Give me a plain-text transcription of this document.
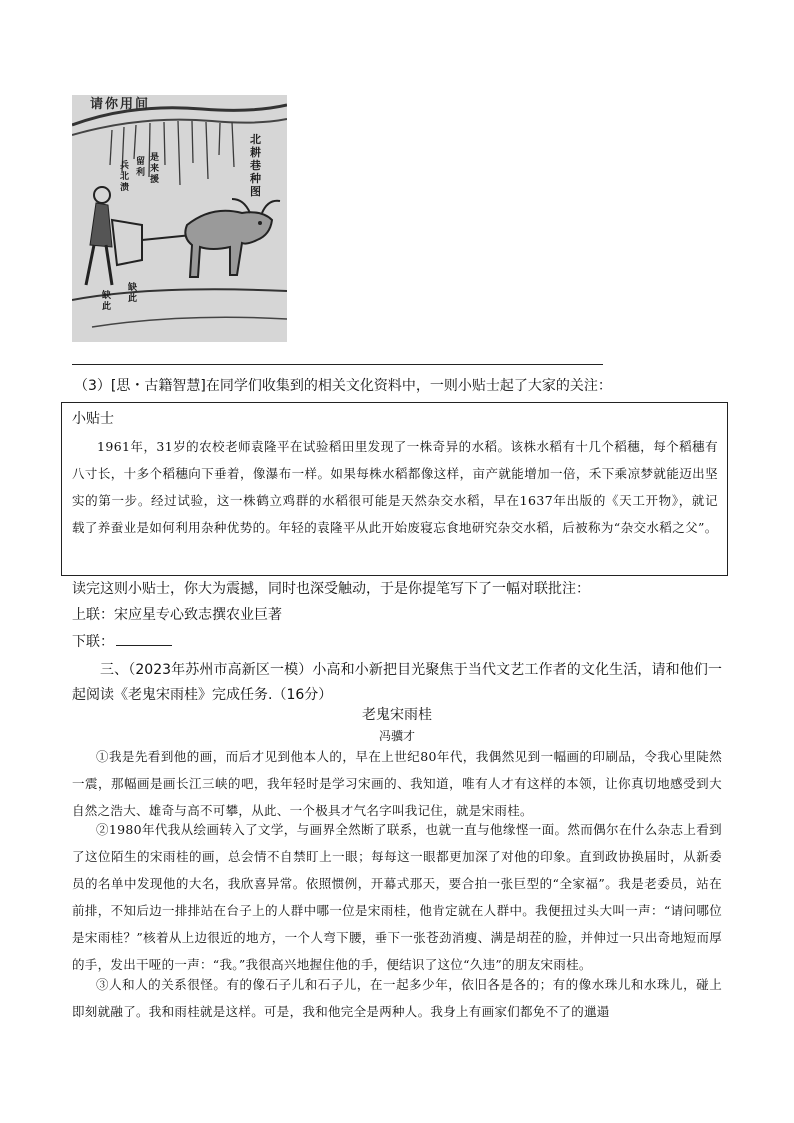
请你用间
北耕巷种图
是来援
留利
兵北溃
缺此
缺此
（3）[思・古籍智慧]在同学们收集到的相关文化资料中，一则小贴士起了大家的关注：
小贴士
1961年，31岁的农校老师袁隆平在试验稻田里发现了一株奇异的水稻。该株水稻有十几个稻穗，每个稻穗有八寸长，十多个稻穗向下垂着，像瀑布一样。如果每株水稻都像这样，亩产就能增加一倍，禾下乘凉梦就能迈出坚实的第一步。经过试验，这一株鹤立鸡群的水稻很可能是天然杂交水稻，早在1637年出版的《天工开物》，就记载了养蚕业是如何利用杂种优势的。年轻的袁隆平从此开始废寝忘食地研究杂交水稻，后被称为“杂交水稻之父”。
读完这则小贴士，你大为震撼，同时也深受触动，于是你提笔写下了一幅对联批注：
上联：宋应星专心致志撰农业巨著
下联：
三、（2023年苏州市高新区一模）小高和小新把目光聚焦于当代文艺工作者的文化生活，请和他们一起阅读《老鬼宋雨桂》完成任务.（16分）
老鬼宋雨桂
冯骥才
①我是先看到他的画，而后才见到他本人的，早在上世纪80年代，我偶然见到一幅画的印刷品，令我心里陡然一震，那幅画是画长江三峡的吧，我年轻时是学习宋画的、我知道，唯有人才有这样的本领，让你真切地感受到大自然之浩大、雄奇与高不可攀，从此、一个极具才气名字叫我记住，就是宋雨桂。
②1980年代我从绘画转入了文学，与画界全然断了联系，也就一直与他缘悭一面。然而偶尔在什么杂志上看到了这位陌生的宋雨桂的画，总会情不自禁盯上一眼；每每这一眼都更加深了对他的印象。直到政协换届时，从新委员的名单中发现他的大名，我欣喜异常。依照惯例，开幕式那天，要合拍一张巨型的“全家福”。我是老委员，站在前排，不知后边一排排站在台子上的人群中哪一位是宋雨桂，他肯定就在人群中。我便扭过头大叫一声：“请问哪位是宋雨桂？”核着从上边很近的地方，一个人弯下腰，垂下一张苍劲消瘦、满是胡茬的脸，并伸过一只出奇地短而厚的手，发出干哑的一声：“我。”我很高兴地握住他的手，便结识了这位“久违”的朋友宋雨桂。
③人和人的关系很怪。有的像石子儿和石子儿，在一起多少年，依旧各是各的；有的像水珠儿和水珠儿，碰上即刻就融了。我和雨桂就是这样。可是，我和他完全是两种人。我身上有画家们都免不了的邋遢
